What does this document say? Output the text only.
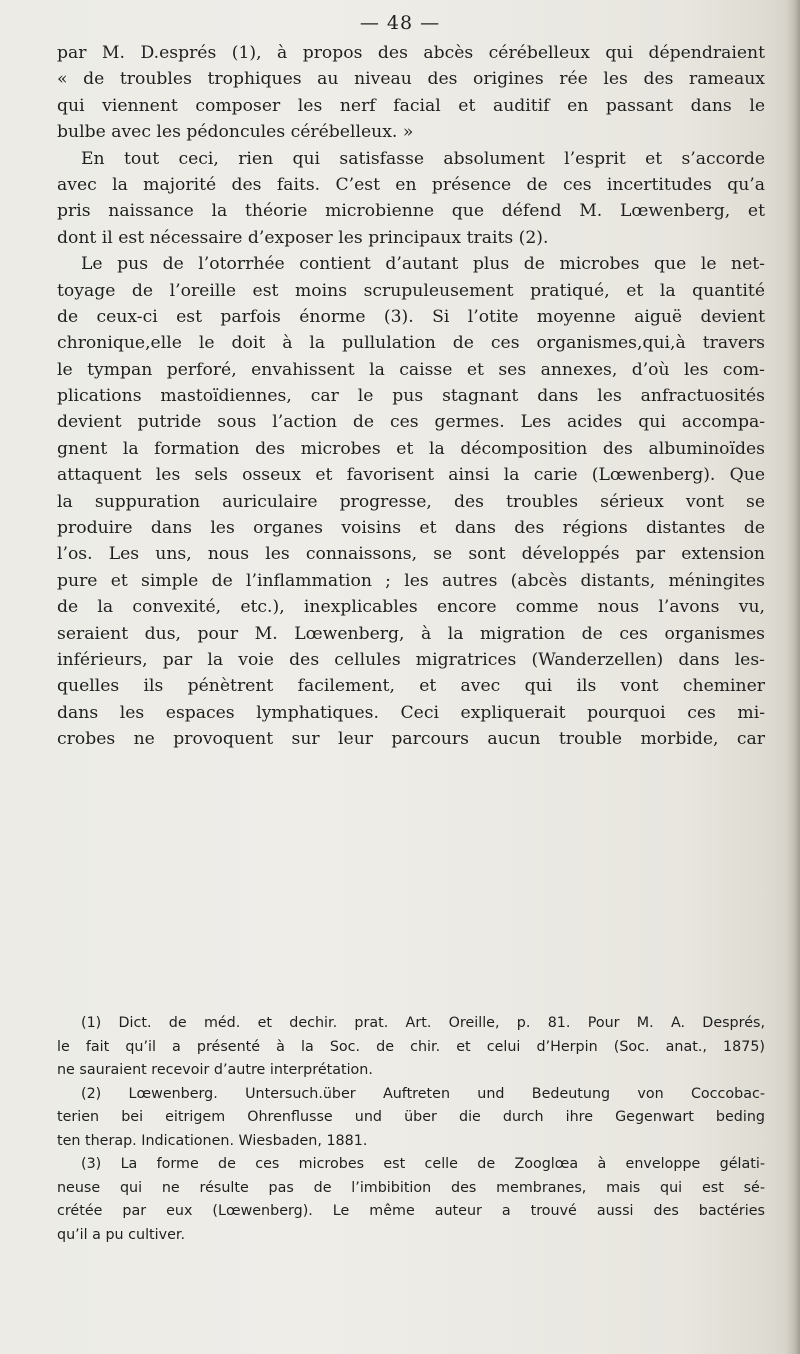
— 48 —
par M. D.esprés (1), à propos des abcès cérébelleux qui dépendraient
« de troubles trophiques au niveau des origines rée les des rameaux
qui viennent composer les nerf facial et auditif en passant dans le
bulbe avec les pédoncules cérébelleux. »
En tout ceci, rien qui satisfasse absolument l’esprit et s’accorde
avec la majorité des faits. C’est en présence de ces incertitudes qu’a
pris naissance la théorie microbienne que défend M. Lœwenberg, et
dont il est nécessaire d’exposer les principaux traits (2).
Le pus de l’otorrhée contient d’autant plus de microbes que le net-
toyage de l’oreille est moins scrupuleusement pratiqué, et la quantité
de ceux-ci est parfois énorme (3). Si l’otite moyenne aiguë devient
chronique,elle le doit à la pullulation de ces organismes,qui,à travers
le tympan perforé, envahissent la caisse et ses annexes, d’où les com-
plications mastoïdiennes, car le pus stagnant dans les anfractuosités
devient putride sous l’action de ces germes. Les acides qui accompa-
gnent la formation des microbes et la décomposition des albuminoïdes
attaquent les sels osseux et favorisent ainsi la carie (Lœwenberg). Que
la suppuration auriculaire progresse, des troubles sérieux vont se
produire dans les organes voisins et dans des régions distantes de
l’os. Les uns, nous les connaissons, se sont développés par extension
pure et simple de l’inflammation ; les autres (abcès distants, méningites
de la convexité, etc.), inexplicables encore comme nous l’avons vu,
seraient dus, pour M. Lœwenberg, à la migration de ces organismes
inférieurs, par la voie des cellules migratrices (Wanderzellen) dans les-
quelles ils pénètrent facilement, et avec qui ils vont cheminer
dans les espaces lymphatiques. Ceci expliquerait pourquoi ces mi-
crobes ne provoquent sur leur parcours aucun trouble morbide, car
(1) Dict. de méd. et dechir. prat. Art. Oreille, p. 81. Pour M. A. Després,
le fait qu’il a présenté à la Soc. de chir. et celui d’Herpin (Soc. anat., 1875)
ne sauraient recevoir d’autre interprétation.
(2) Lœwenberg. Untersuch.über Auftreten und Bedeutung von Coccobac-
terien bei eitrigem Ohrenflusse und über die durch ihre Gegenwart beding
ten therap. Indicationen. Wiesbaden, 1881.
(3) La forme de ces microbes est celle de Zooglœa à enveloppe gélati-
neuse qui ne résulte pas de l’imbibition des membranes, mais qui est sé-
crétée par eux (Lœwenberg). Le même auteur a trouvé aussi des bactéries
qu’il a pu cultiver.
